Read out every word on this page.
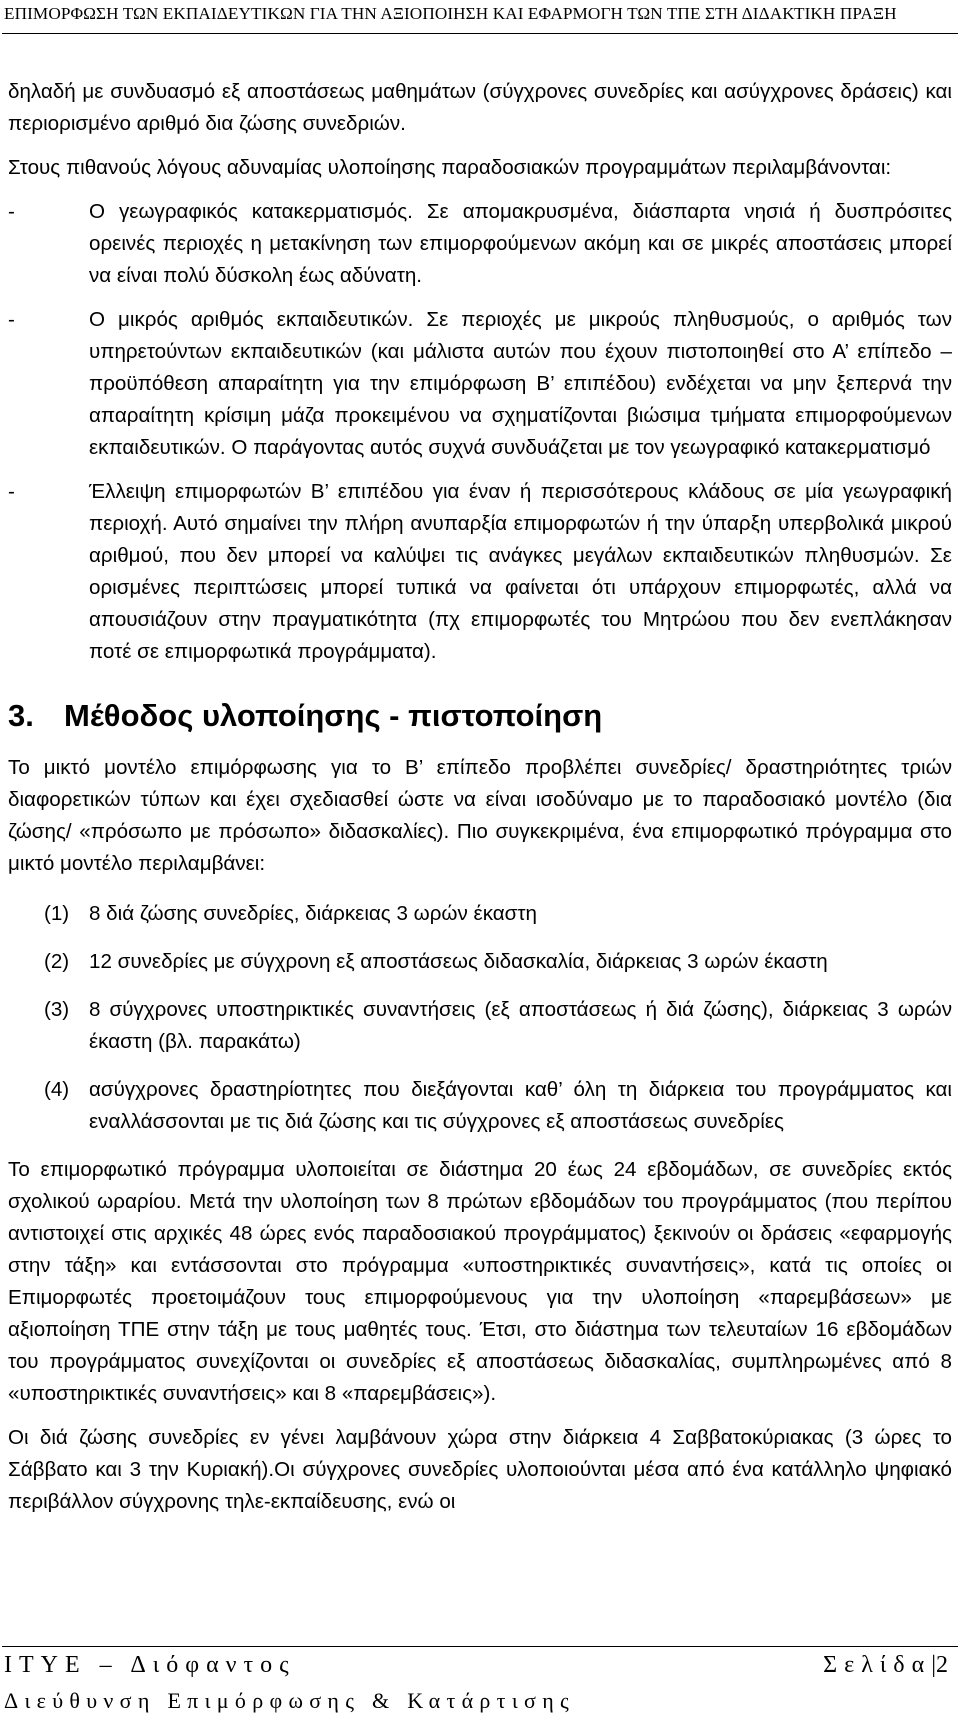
ΕΠΙΜΟΡΦΩΣΗ ΤΩΝ ΕΚΠΑΙΔΕΥΤΙΚΩΝ ΓΙΑ ΤΗΝ ΑΞΙΟΠΟΙΗΣΗ ΚΑΙ ΕΦΑΡΜΟΓΗ ΤΩΝ ΤΠΕ ΣΤΗ ΔΙΔΑΚΤΙΚΗ ΠΡΑΞΗ

δηλαδή με συνδυασμό εξ αποστάσεως μαθημάτων (σύγχρονες συνεδρίες και ασύγχρονες δράσεις) και περιορισμένο αριθμό δια ζώσης συνεδριών.

Στους πιθανούς λόγους αδυναμίας υλοποίησης παραδοσιακών προγραμμάτων περιλαμβάνονται:

-	Ο γεωγραφικός κατακερματισμός. Σε απομακρυσμένα, διάσπαρτα νησιά ή δυσπρόσιτες ορεινές περιοχές η μετακίνηση των επιμορφούμενων ακόμη και σε μικρές αποστάσεις μπορεί να είναι πολύ δύσκολη έως αδύνατη.
-	Ο μικρός αριθμός εκπαιδευτικών. Σε περιοχές με μικρούς πληθυσμούς, ο αριθμός των υπηρετούντων εκπαιδευτικών (και μάλιστα αυτών που έχουν πιστοποιηθεί στο Α’ επίπεδο – προϋπόθεση απαραίτητη για την επιμόρφωση Β’ επιπέδου) ενδέχεται να μην ξεπερνά την απαραίτητη κρίσιμη μάζα προκειμένου να σχηματίζονται βιώσιμα τμήματα επιμορφούμενων εκπαιδευτικών. Ο παράγοντας αυτός συχνά συνδυάζεται με τον γεωγραφικό κατακερματισμό
-	Έλλειψη επιμορφωτών Β’ επιπέδου για έναν ή περισσότερους κλάδους σε μία γεωγραφική περιοχή. Αυτό σημαίνει την πλήρη ανυπαρξία επιμορφωτών ή την ύπαρξη υπερβολικά μικρού αριθμού, που δεν μπορεί να καλύψει τις ανάγκες μεγάλων εκπαιδευτικών πληθυσμών. Σε ορισμένες περιπτώσεις μπορεί τυπικά να φαίνεται ότι υπάρχουν επιμορφωτές, αλλά να απουσιάζουν στην πραγματικότητα (πχ επιμορφωτές του Μητρώου που δεν ενεπλάκησαν ποτέ σε επιμορφωτικά προγράμματα).
3. Μέθοδος υλοποίησης - πιστοποίηση

Το μικτό μοντέλο επιμόρφωσης για το Β’ επίπεδο προβλέπει συνεδρίες/ δραστηριότητες τριών διαφορετικών τύπων και έχει σχεδιασθεί ώστε να είναι ισοδύναμο με το παραδοσιακό μοντέλο (δια ζώσης/ «πρόσωπο με πρόσωπο» διδασκαλίες). Πιο συγκεκριμένα, ένα επιμορφωτικό πρόγραμμα στο μικτό μοντέλο περιλαμβάνει:

(1) 8 διά ζώσης συνεδρίες, διάρκειας 3 ωρών έκαστη
(2) 12 συνεδρίες με σύγχρονη εξ αποστάσεως διδασκαλία, διάρκειας 3 ωρών έκαστη
(3) 8 σύγχρονες υποστηρικτικές συναντήσεις (εξ αποστάσεως ή διά ζώσης), διάρκειας 3 ωρών έκαστη (βλ. παρακάτω)
(4) ασύγχρονες δραστηρίοτητες που διεξάγονται καθ’ όλη τη διάρκεια του προγράμματος και εναλλάσσονται με τις διά ζώσης και τις σύγχρονες εξ αποστάσεως συνεδρίες

Το επιμορφωτικό πρόγραμμα υλοποιείται σε διάστημα 20 έως 24 εβδομάδων, σε συνεδρίες εκτός σχολικού ωραρίου. Μετά την υλοποίηση των 8 πρώτων εβδομάδων του προγράμματος (που περίπου αντιστοιχεί στις αρχικές 48 ώρες ενός παραδοσιακού προγράμματος) ξεκινούν οι δράσεις «εφαρμογής στην τάξη» και εντάσσονται στο πρόγραμμα «υποστηρικτικές συναντήσεις», κατά τις οποίες οι Επιμορφωτές προετοιμάζουν τους επιμορφούμενους για την υλοποίηση «παρεμβάσεων» με αξιοποίηση ΤΠΕ στην τάξη με τους μαθητές τους. Έτσι, στο διάστημα των τελευταίων 16 εβδομάδων του προγράμματος συνεχίζονται οι συνεδρίες εξ αποστάσεως διδασκαλίας, συμπληρωμένες από 8 «υποστηρικτικές συναντήσεις» και 8 «παρεμβάσεις»).

Οι διά ζώσης συνεδρίες εν γένει λαμβάνουν χώρα στην διάρκεια 4 Σαββατοκύριακας (3 ώρες το Σάββατο και 3 την Κυριακή).Οι σύγχρονες συνεδρίες υλοποιούνται μέσα από ένα κατάλληλο ψηφιακό περιβάλλον σύγχρονης τηλε-εκπαίδευσης, ενώ οι

ΙΤΥΕ – Διόφαντος	Σελίδα|2
Διεύθυνση Επιμόρφωσης & Κατάρτισης
